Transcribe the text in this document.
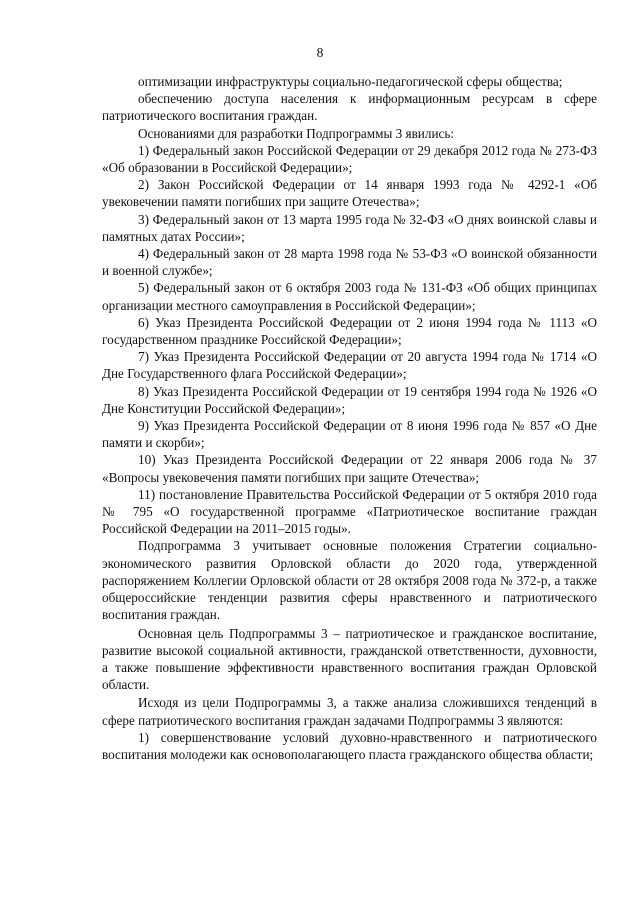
8

оптимизации инфраструктуры социально-педагогической сферы общества;

обеспечению доступа населения к информационным ресурсам в сфере патриотического воспитания граждан.

Основаниями для разработки Подпрограммы 3 явились:

1) Федеральный закон Российской Федерации от 29 декабря 2012 года № 273-ФЗ «Об образовании в Российской Федерации»;

2) Закон Российской Федерации от 14 января 1993 года № 4292-1 «Об увековечении памяти погибших при защите Отечества»;

3) Федеральный закон от 13 марта 1995 года № 32-ФЗ «О днях воинской славы и памятных датах России»;

4) Федеральный закон от 28 марта 1998 года № 53-ФЗ «О воинской обязанности и военной службе»;

5) Федеральный закон от 6 октября 2003 года № 131-ФЗ «Об общих принципах организации местного самоуправления в Российской Федерации»;

6) Указ Президента Российской Федерации от 2 июня 1994 года № 1113 «О государственном празднике Российской Федерации»;

7) Указ Президента Российской Федерации от 20 августа 1994 года № 1714 «О Дне Государственного флага Российской Федерации»;

8) Указ Президента Российской Федерации от 19 сентября 1994 года № 1926 «О Дне Конституции Российской Федерации»;

9) Указ Президента Российской Федерации от 8 июня 1996 года № 857 «О Дне памяти и скорби»;

10) Указ Президента Российской Федерации от 22 января 2006 года № 37 «Вопросы увековечения памяти погибших при защите Отечества»;

11) постановление Правительства Российской Федерации от 5 октября 2010 года № 795 «О государственной программе «Патриотическое воспитание граждан Российской Федерации на 2011–2015 годы».

Подпрограмма 3 учитывает основные положения Стратегии социально-экономического развития Орловской области до 2020 года, утвержденной распоряжением Коллегии Орловской области от 28 октября 2008 года № 372-р, а также общероссийские тенденции развития сферы нравственного и патриотического воспитания граждан.

Основная цель Подпрограммы 3 – патриотическое и гражданское воспитание, развитие высокой социальной активности, гражданской ответственности, духовности, а также повышение эффективности нравственного воспитания граждан Орловской области.

Исходя из цели Подпрограммы 3, а также анализа сложившихся тенденций в сфере патриотического воспитания граждан задачами Подпрограммы 3 являются:

1) совершенствование условий духовно-нравственного и патриотического воспитания молодежи как основополагающего пласта гражданского общества области;
